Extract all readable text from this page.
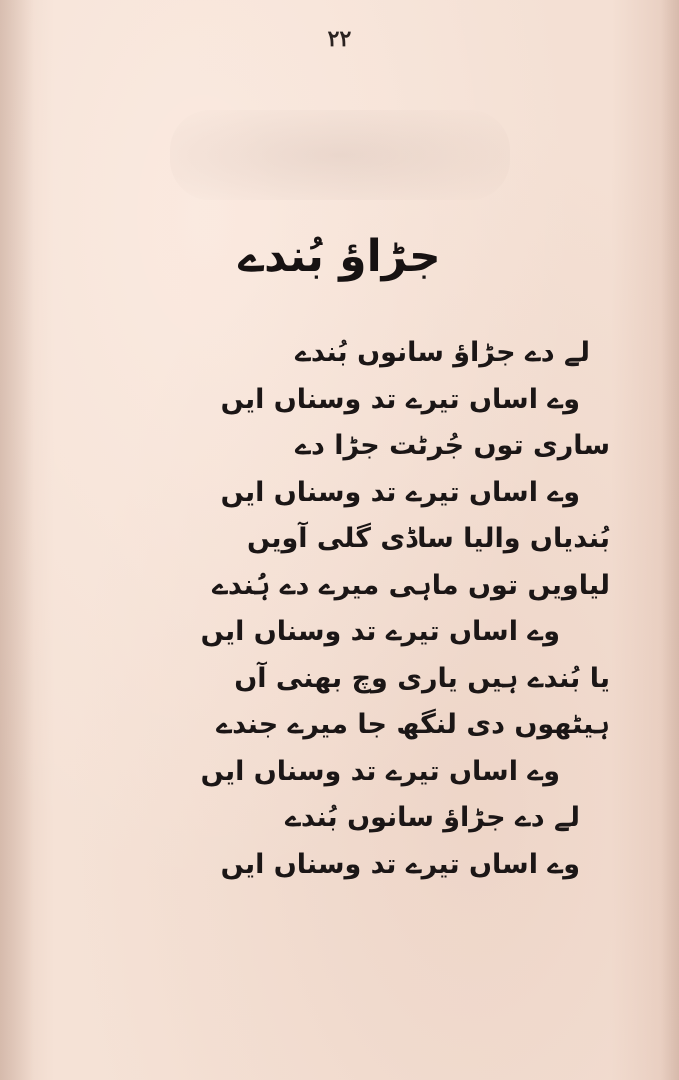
۲۲
جڑاؤ بُندے
لے دے جڑاؤ سانوں بُندے
وے اساں تیرے تد وسناں ایں
ساری توں جُرٹت جڑا دے
وے اساں تیرے تد وسناں ایں
بُندیاں والیا ساڈی گلی آویں
لیاویں توں ماہی میرے دے ہُندے
وے اساں تیرے تد وسناں ایں
یا بُندے ہیں یاری وچ بھنی آں
ہیٹھوں دی لنگھ جا میرے جندے
وے اساں تیرے تد وسناں ایں
لے دے جڑاؤ سانوں بُندے
وے اساں تیرے تد وسناں ایں
